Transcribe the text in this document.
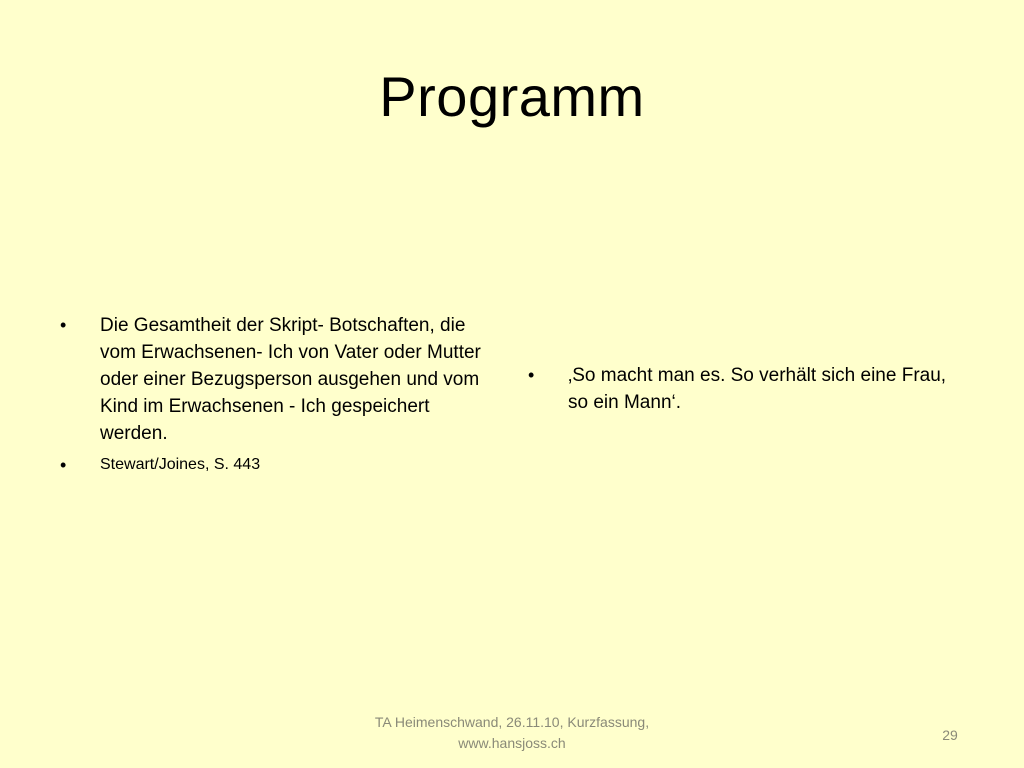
Programm
• Die Gesamtheit der Skript- Botschaften, die vom Erwachsenen- Ich von Vater oder Mutter oder einer Bezugsperson ausgehen und vom Kind im Erwachsenen - Ich gespeichert werden.
• Stewart/Joines, S. 443
• ‚So macht man es. So verhält sich eine Frau, so ein Mann‘.
TA Heimenschwand, 26.11.10, Kurzfassung,
www.hansjoss.ch	29
